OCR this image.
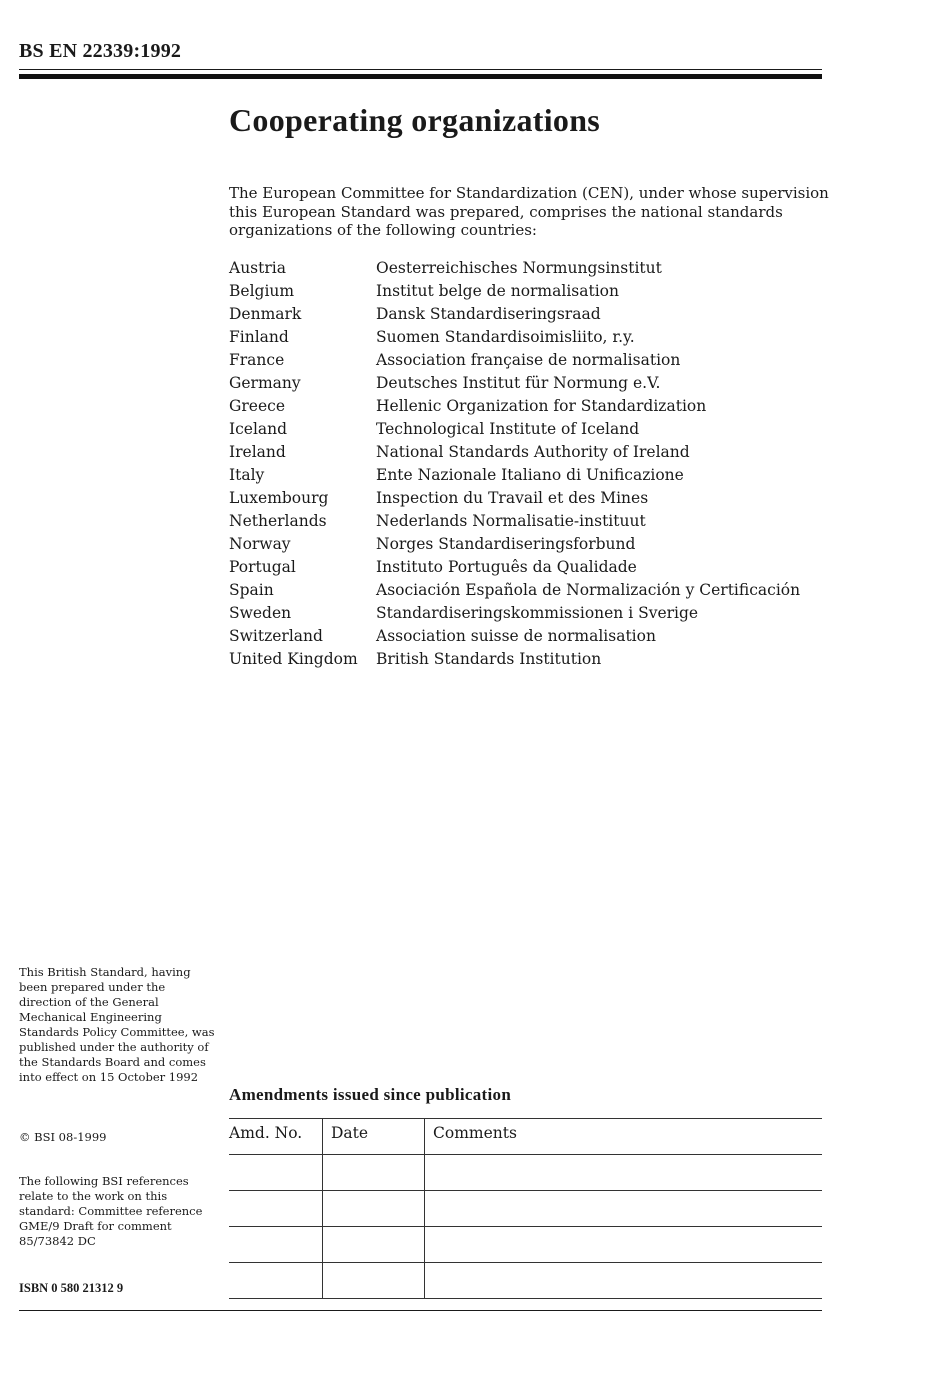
BS EN 22339:1992
Cooperating organizations

The European Committee for Standardization (CEN), under whose supervision this European Standard was prepared, comprises the national standards organizations of the following countries:

Austria	Oesterreichisches Normungsinstitut
Belgium	Institut belge de normalisation
Denmark	Dansk Standardiseringsraad
Finland	Suomen Standardisoimisliito, r.y.
France	Association française de normalisation
Germany	Deutsches Institut für Normung e.V.
Greece	Hellenic Organization for Standardization
Iceland	Technological Institute of Iceland
Ireland	National Standards Authority of Ireland
Italy	Ente Nazionale Italiano di Unificazione
Luxembourg	Inspection du Travail et des Mines
Netherlands	Nederlands Normalisatie-instituut
Norway	Norges Standardiseringsforbund
Portugal	Instituto Português da Qualidade
Spain	Asociación Española de Normalización y Certificación
Sweden	Standardiseringskommissionen i Sverige
Switzerland	Association suisse de normalisation
United Kingdom	British Standards Institution

This British Standard, having been prepared under the direction of the General Mechanical Engineering Standards Policy Committee, was published under the authority of the Standards Board and comes into effect on 15 October 1992

© BSI 08-1999

The following BSI references relate to the work on this standard: Committee reference GME/9 Draft for comment 85/73842 DC

ISBN 0 580 21312 9
Amendments issued since publication
Amd. No.	Date	Comments
